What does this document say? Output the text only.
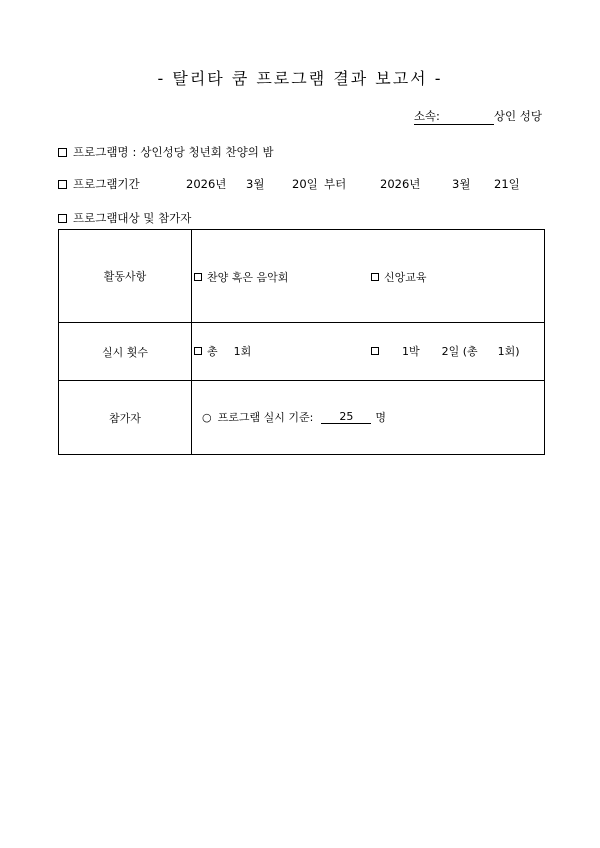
- 탈리타 쿰 프로그램 결과 보고서 -
소속:	상인 성당
프로그램명 : 상인성당 청년회 찬양의 밤
프로그램기간	2026년 3월 20일 부터	2026년	3월 21일
프로그램대상 및 참가자
활동사항	찬양 혹은 음악회 신앙교육

실시 횟수	총 1회 1박 2일 (총 1회)

참가자	○ 프로그램 실시 기준: 25 명
